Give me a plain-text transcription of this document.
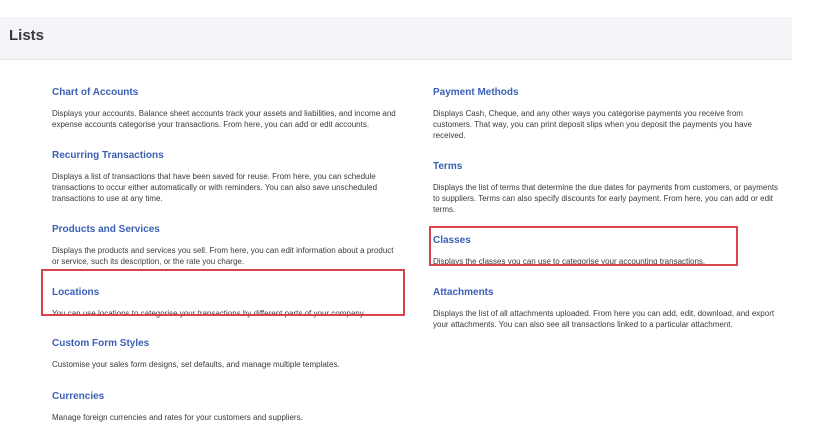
Lists
Chart of Accounts
Displays your accounts. Balance sheet accounts track your assets and liabilities, and income and expense accounts categorise your transactions. From here, you can add or edit accounts.
Recurring Transactions
Displays a list of transactions that have been saved for reuse. From here, you can schedule transactions to occur either automatically or with reminders. You can also save unscheduled transactions to use at any time.
Products and Services
Displays the products and services you sell. From here, you can edit information about a product or service, such its description, or the rate you charge.
Locations
You can use locations to categorise your transactions by different parts of your company.
Custom Form Styles
Customise your sales form designs, set defaults, and manage multiple templates.
Currencies
Manage foreign currencies and rates for your customers and suppliers.
Payment Methods
Displays Cash, Cheque, and any other ways you categorise payments you receive from customers. That way, you can print deposit slips when you deposit the payments you have received.
Terms
Displays the list of terms that determine the due dates for payments from customers, or payments to suppliers. Terms can also specify discounts for early payment. From here, you can add or edit terms.
Classes
Displays the classes you can use to categorise your accounting transactions.
Attachments
Displays the list of all attachments uploaded. From here you can add, edit, download, and export your attachments. You can also see all transactions linked to a particular attachment.
